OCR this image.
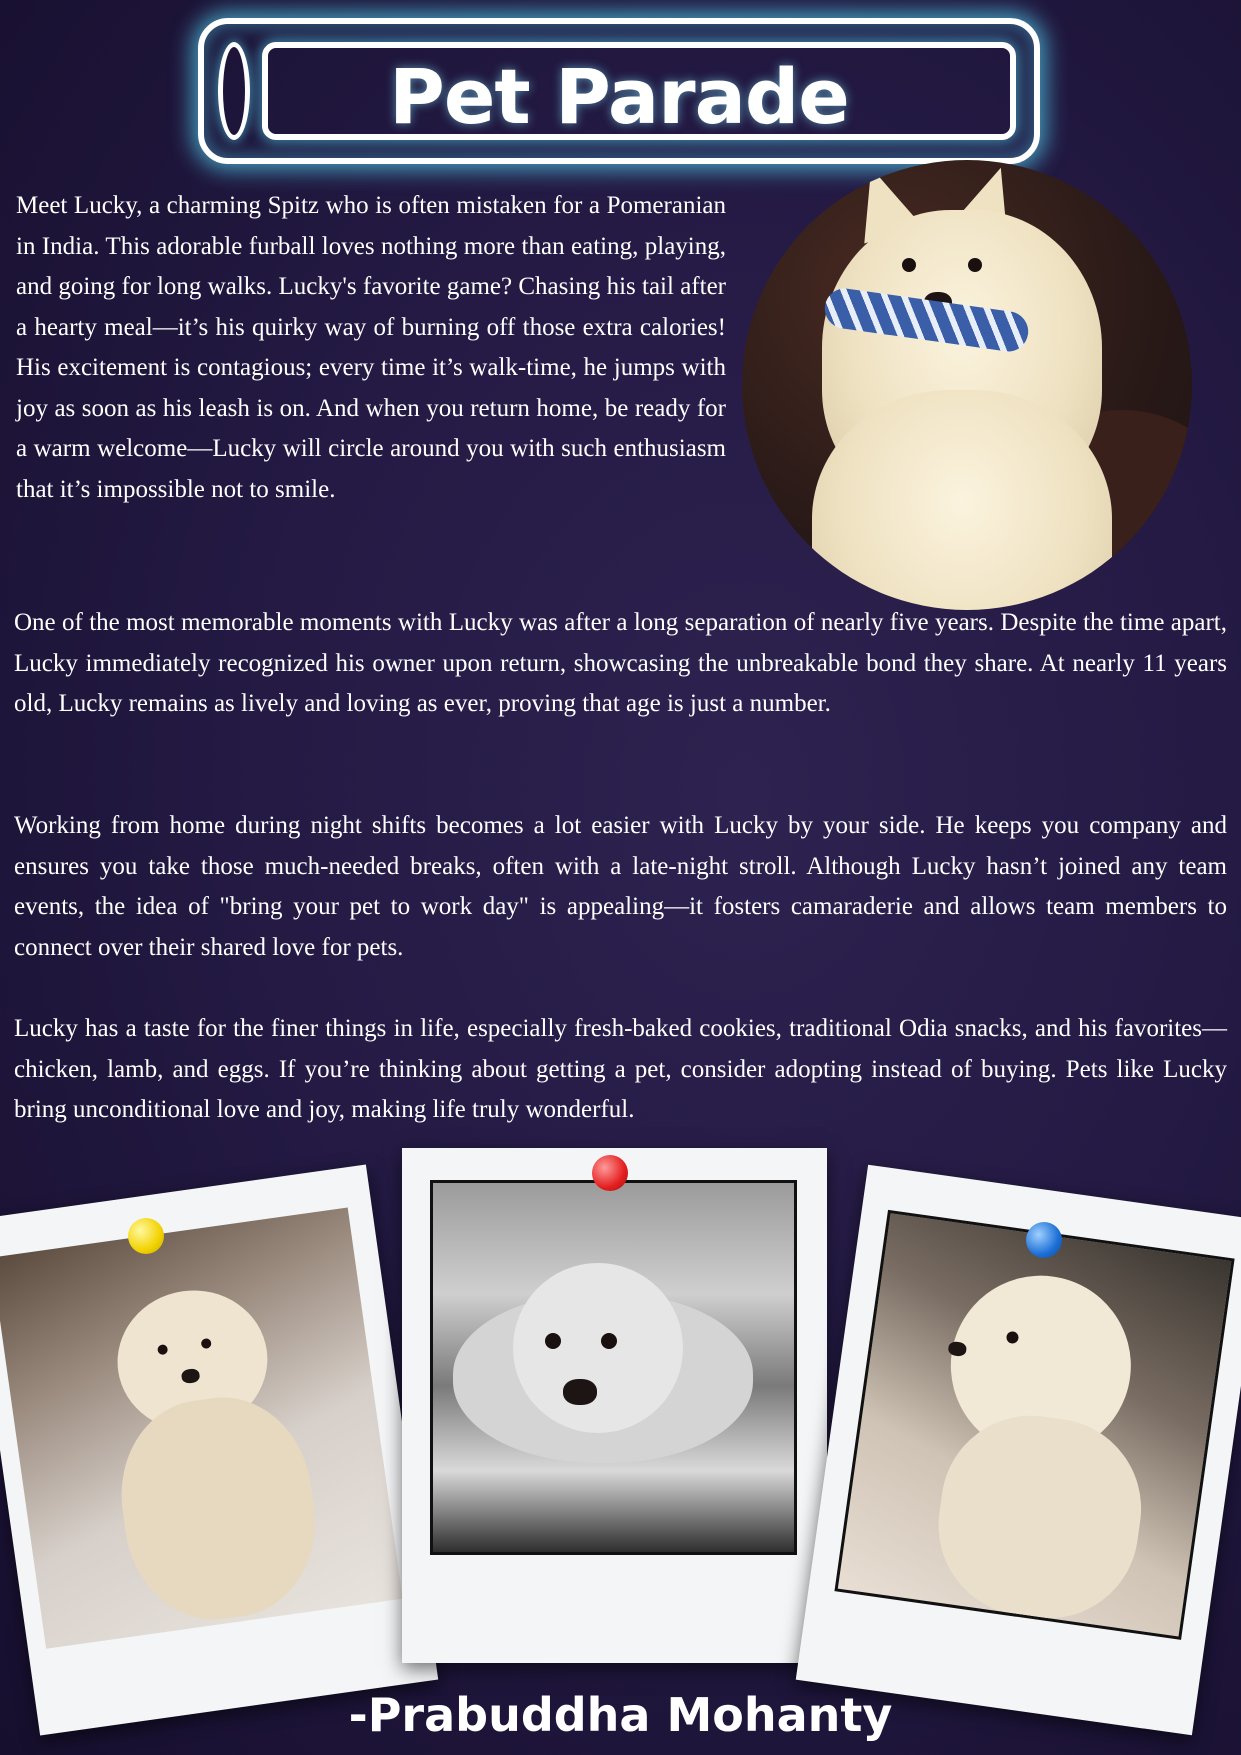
Pet Parade

Meet Lucky, a charming Spitz who is often mistaken for a Pomeranian in India. This adorable furball loves nothing more than eating, playing, and going for long walks. Lucky's favorite game? Chasing his tail after a hearty meal—it’s his quirky way of burning off those extra calories! His excitement is contagious; every time it’s walk-time, he jumps with joy as soon as his leash is on. And when you return home, be ready for a warm welcome—Lucky will circle around you with such enthusiasm that it’s impossible not to smile.

One of the most memorable moments with Lucky was after a long separation of nearly five years. Despite the time apart, Lucky immediately recognized his owner upon return, showcasing the unbreakable bond they share. At nearly 11 years old, Lucky remains as lively and loving as ever, proving that age is just a number.

Working from home during night shifts becomes a lot easier with Lucky by your side. He keeps you company and ensures you take those much-needed breaks, often with a late-night stroll. Although Lucky hasn’t joined any team events, the idea of "bring your pet to work day" is appealing—it fosters camaraderie and allows team members to connect over their shared love for pets.

Lucky has a taste for the finer things in life, especially fresh-baked cookies, traditional Odia snacks, and his favorites—chicken, lamb, and eggs. If you’re thinking about getting a pet, consider adopting instead of buying. Pets like Lucky bring unconditional love and joy, making life truly wonderful.

-Prabuddha Mohanty
